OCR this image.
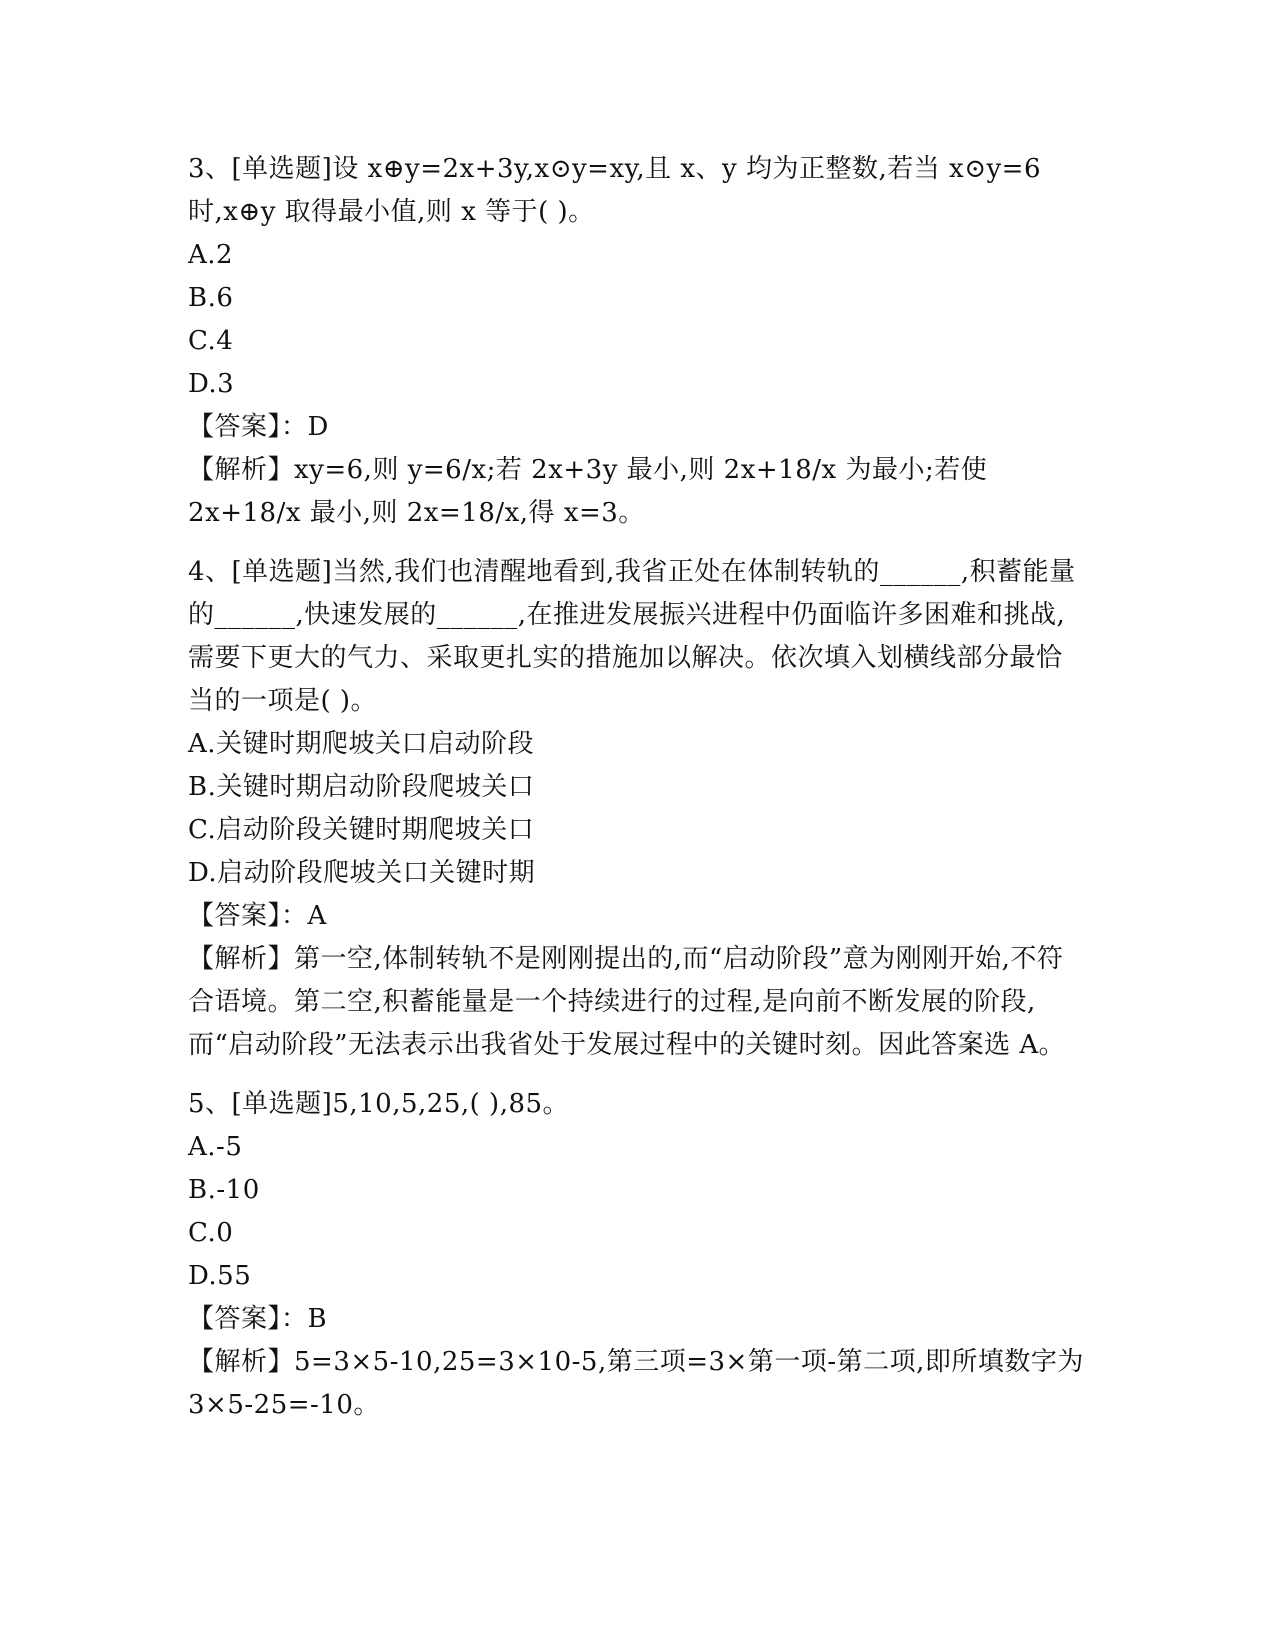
3、[单选题]设 x⊕y=2x+3y,x⊙y=xy,且 x、y 均为正整数,若当 x⊙y=6时,x⊕y 取得最小值,则 x 等于( )。
A.2
B.6
C.4
D.3
【答案】：D
【解析】xy=6,则 y=6/x;若 2x+3y 最小,则 2x+18/x 为最小;若使2x+18/x 最小,则 2x=18/x,得 x=3。
4、[单选题]当然,我们也清醒地看到,我省正处在体制转轨的______,积蓄能量的______,快速发展的______,在推进发展振兴进程中仍面临许多困难和挑战,需要下更大的气力、采取更扎实的措施加以解决。依次填入划横线部分最恰当的一项是( )。
A.关键时期爬坡关口启动阶段
B.关键时期启动阶段爬坡关口
C.启动阶段关键时期爬坡关口
D.启动阶段爬坡关口关键时期
【答案】：A
【解析】第一空,体制转轨不是刚刚提出的,而“启动阶段”意为刚刚开始,不符合语境。第二空,积蓄能量是一个持续进行的过程,是向前不断发展的阶段,而“启动阶段”无法表示出我省处于发展过程中的关键时刻。因此答案选 A。
5、[单选题]5,10,5,25,( ),85。
A.-5
B.-10
C.0
D.55
【答案】：B
【解析】5=3×5-10,25=3×10-5,第三项=3×第一项-第二项,即所填数字为 3×5-25=-10。
